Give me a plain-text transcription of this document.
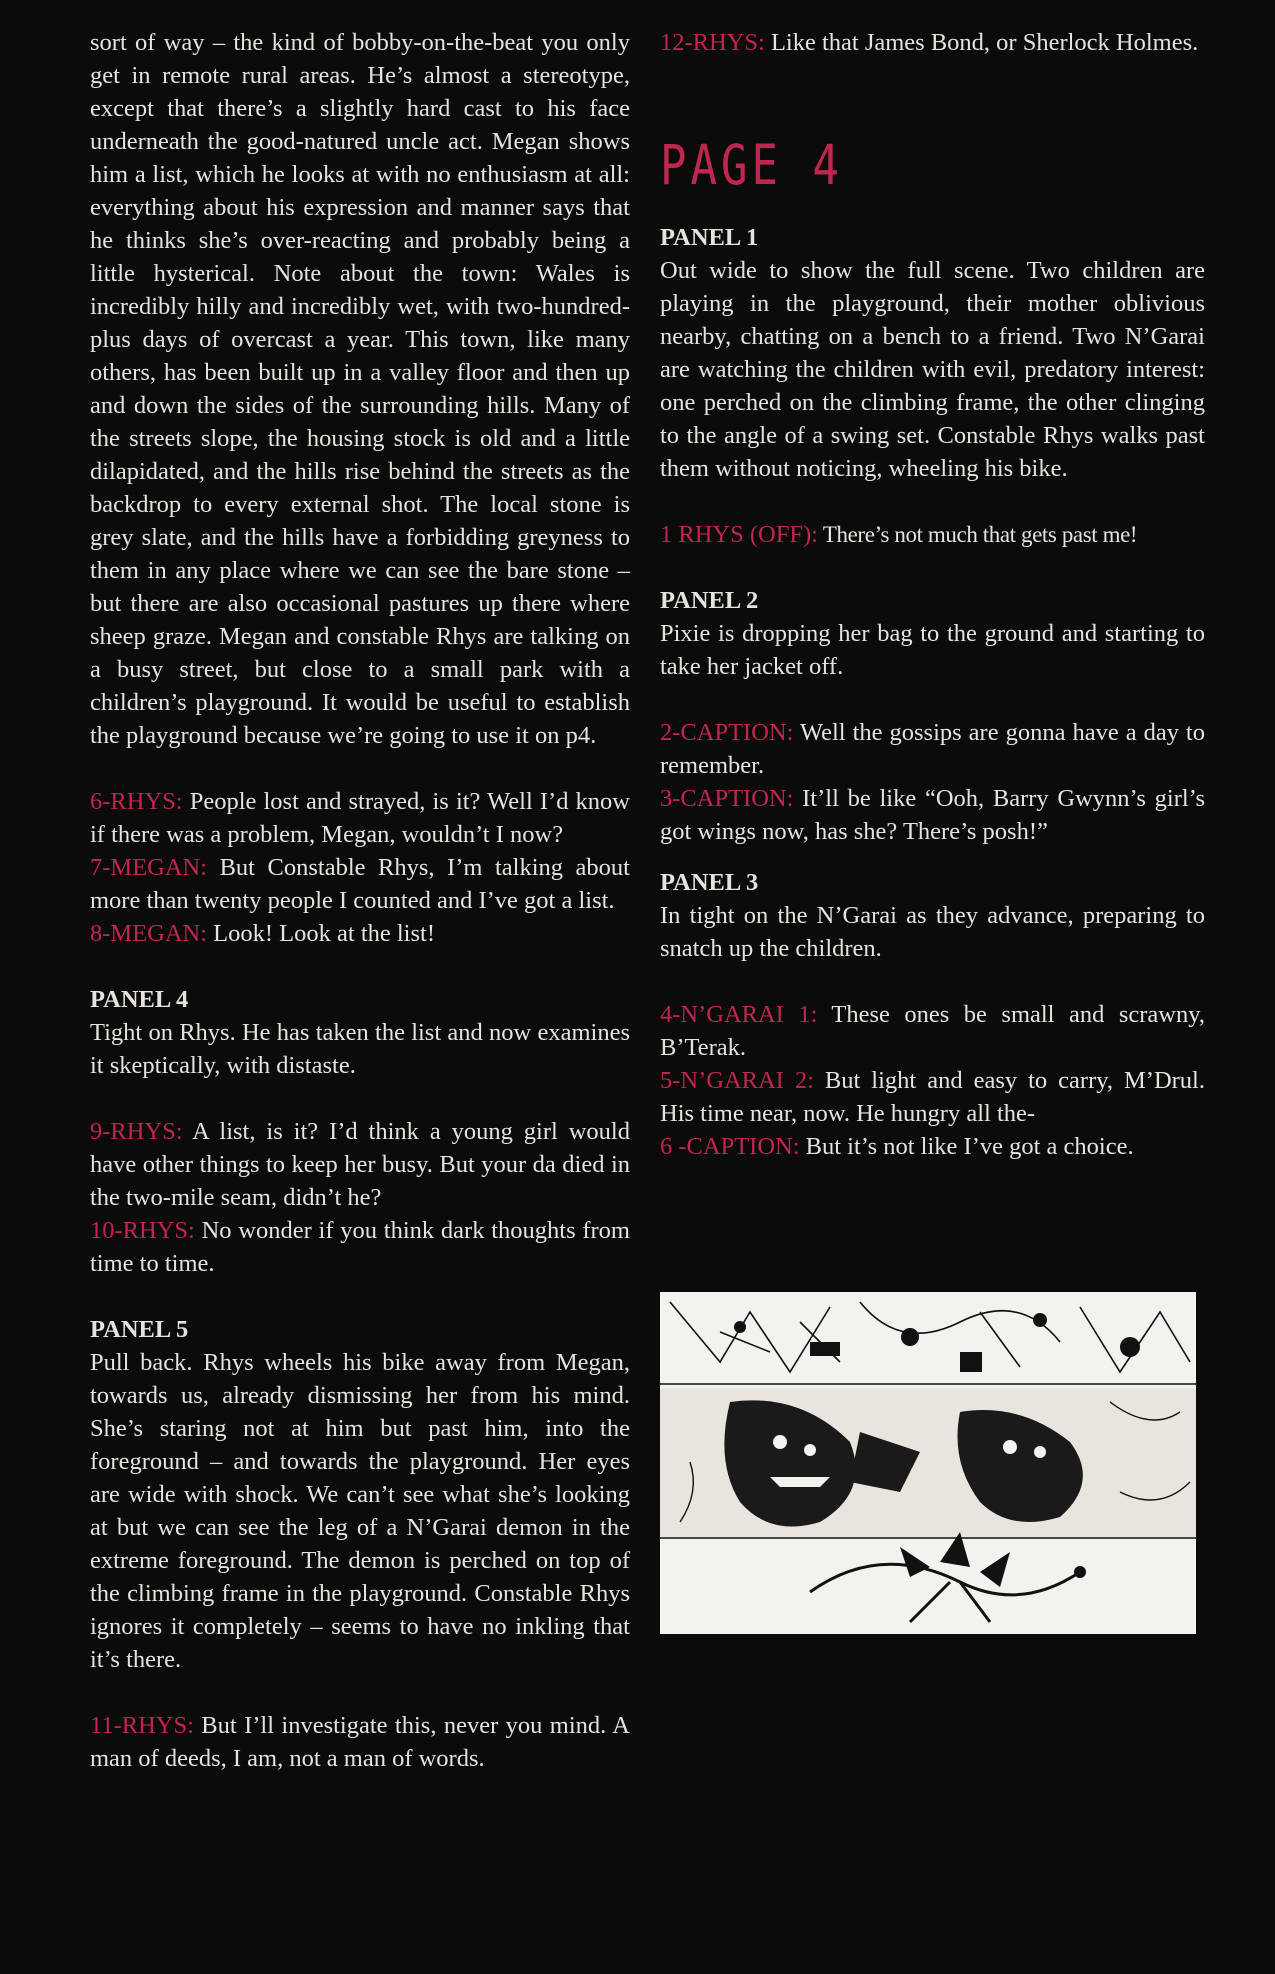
sort of way – the kind of bobby-on-the-beat you only get in remote rural areas. He’s almost a stereotype, except that there’s a slightly hard cast to his face underneath the good-natured uncle act. Megan shows him a list, which he looks at with no enthusiasm at all: everything about his expression and manner says that he thinks she’s over-reacting and probably being a little hysterical. Note about the town: Wales is incredibly hilly and incredibly wet, with two-hundred-plus days of overcast a year. This town, like many others, has been built up in a valley floor and then up and down the sides of the surrounding hills. Many of the streets slope, the housing stock is old and a little dilapidated, and the hills rise behind the streets as the backdrop to every external shot. The local stone is grey slate, and the hills have a forbidding greyness to them in any place where we can see the bare stone – but there are also occasional pastures up there where sheep graze. Megan and constable Rhys are talking on a busy street, but close to a small park with a children’s playground. It would be useful to establish the playground because we’re going to use it on p4.

6-RHYS: People lost and strayed, is it? Well I’d know if there was a problem, Megan, wouldn’t I now?

7-MEGAN: But Constable Rhys, I’m talking about more than twenty people I counted and I’ve got a list.

8-MEGAN: Look! Look at the list!

PANEL 4

Tight on Rhys. He has taken the list and now examines it skeptically, with distaste.

9-RHYS: A list, is it? I’d think a young girl would have other things to keep her busy. But your da died in the two-mile seam, didn’t he?

10-RHYS: No wonder if you think dark thoughts from time to time.

PANEL 5

Pull back. Rhys wheels his bike away from Megan, towards us, already dismissing her from his mind. She’s staring not at him but past him, into the foreground – and towards the playground. Her eyes are wide with shock. We can’t see what she’s looking at but we can see the leg of a N’Garai demon in the extreme foreground. The demon is perched on top of the climbing frame in the playground. Constable Rhys ignores it completely – seems to have no inkling that it’s there.

11-RHYS: But I’ll investigate this, never you mind. A man of deeds, I am, not a man of words.

12-RHYS: Like that James Bond, or Sherlock Holmes.

PAGE 4

PANEL 1

Out wide to show the full scene. Two children are playing in the playground, their mother oblivious nearby, chatting on a bench to a friend. Two N’Garai are watching the children with evil, predatory interest: one perched on the climbing frame, the other clinging to the angle of a swing set. Constable Rhys walks past them without noticing, wheeling his bike.

1 RHYS (OFF): There’s not much that gets past me!

PANEL 2

Pixie is dropping her bag to the ground and starting to take her jacket off.

2-CAPTION: Well the gossips are gonna have a day to remember.

3-CAPTION: It’ll be like “Ooh, Barry Gwynn’s girl’s got wings now, has she? There’s posh!”

PANEL 3

In tight on the N’Garai as they advance, preparing to snatch up the children.

4-N’GARAI 1: These ones be small and scrawny, B’Terak.

5-N’GARAI 2: But light and easy to carry, M’Drul. His time near, now. He hungry all the-

6 -CAPTION: But it’s not like I’ve got a choice.
